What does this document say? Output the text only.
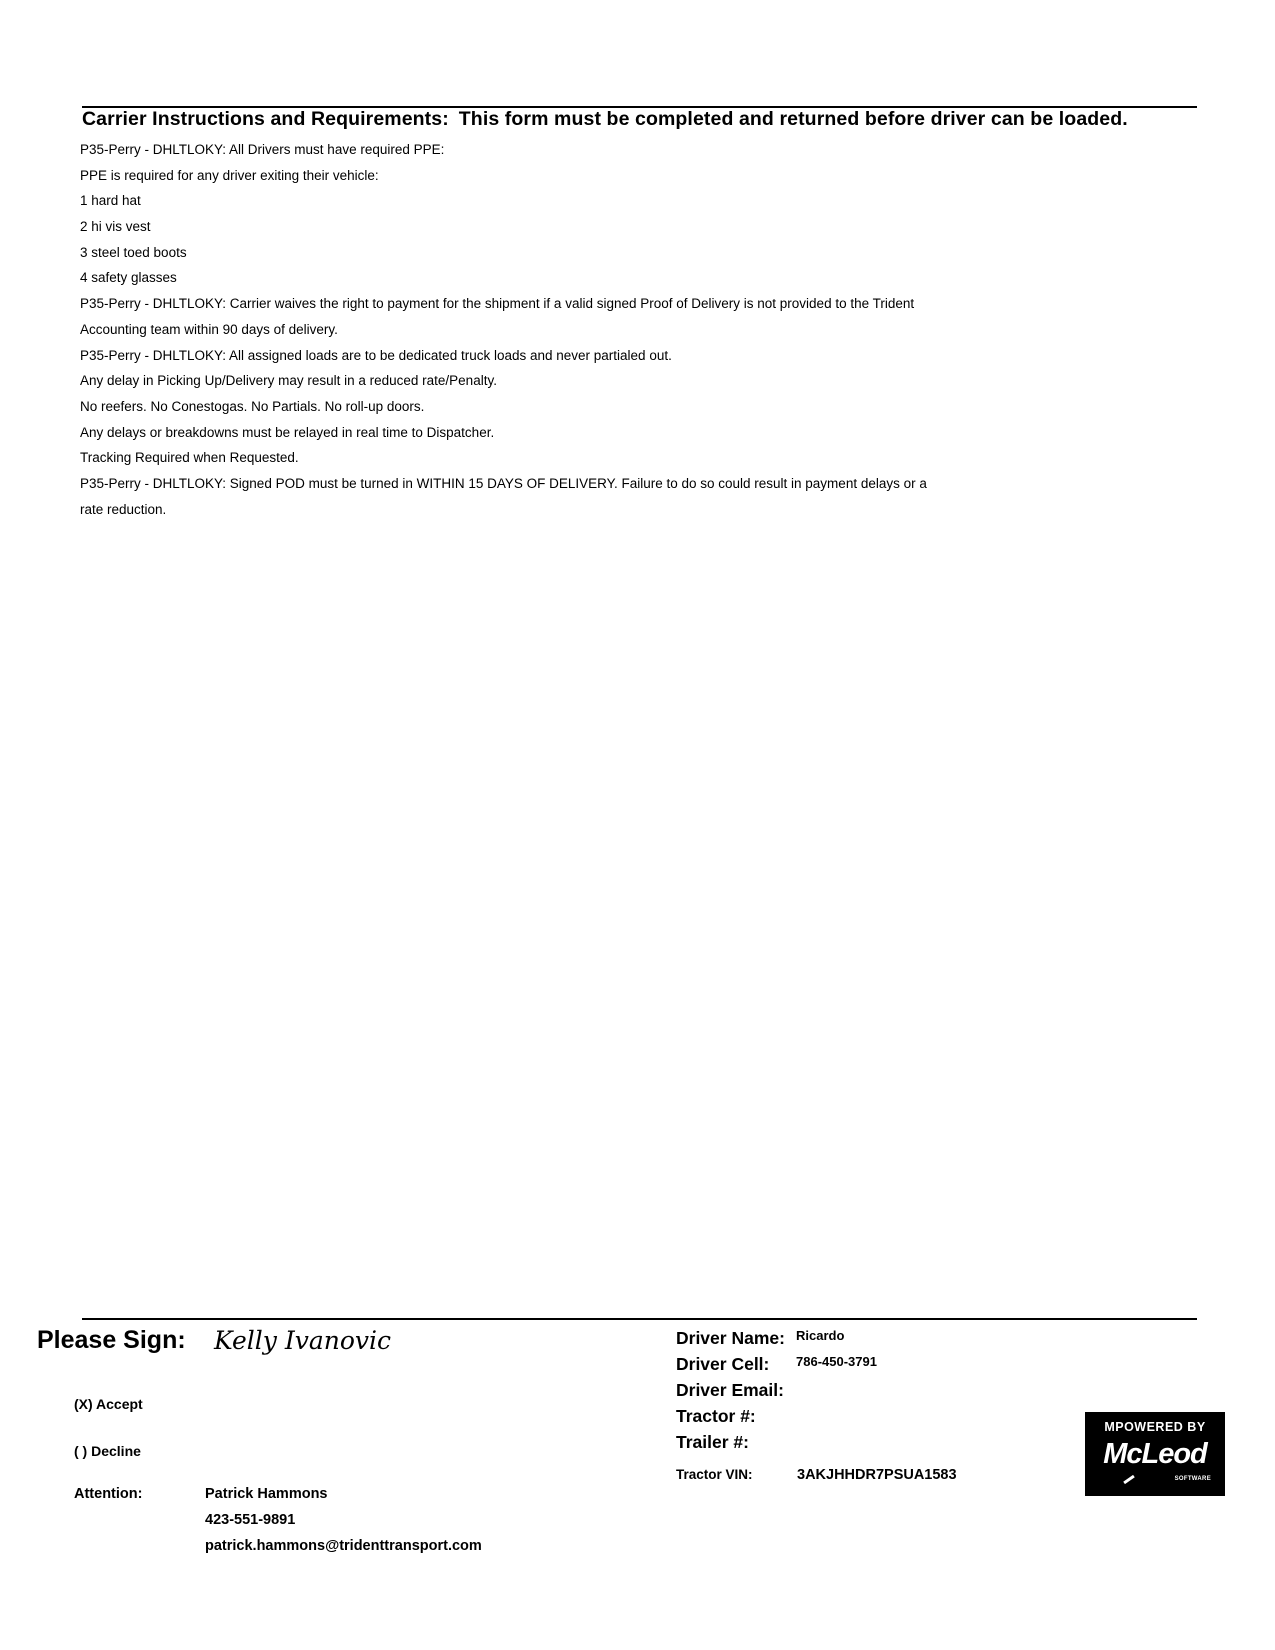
Carrier Instructions and Requirements: This form must be completed and returned before driver can be loaded.
P35-Perry - DHLTLOKY: All Drivers must have required PPE:
PPE is required for any driver exiting their vehicle:
1 hard hat
2 hi vis vest
3 steel toed boots
4 safety glasses
P35-Perry - DHLTLOKY: Carrier waives the right to payment for the shipment if a valid signed Proof of Delivery is not provided to the Trident
Accounting team within 90 days of delivery.
P35-Perry - DHLTLOKY: All assigned loads are to be dedicated truck loads and never partialed out.
Any delay in Picking Up/Delivery may result in a reduced rate/Penalty.
No reefers. No Conestogas. No Partials. No roll-up doors.
Any delays or breakdowns must be relayed in real time to Dispatcher.
Tracking Required when Requested.
P35-Perry - DHLTLOKY: Signed POD must be turned in WITHIN 15 DAYS OF DELIVERY. Failure to do so could result in payment delays or a
rate reduction.
Please Sign: Kelly Ivanovic
(X) Accept
( ) Decline
Attention:	Patrick Hammons
423-551-9891
patrick.hammons@tridenttransport.com
Driver Name: Ricardo
Driver Cell: 786-450-3791
Driver Email:
Tractor #:
Trailer #:
Tractor VIN:	3AKJHHDR7PSUA1583
MPOWERED BY
McLeod
SOFTWARE
